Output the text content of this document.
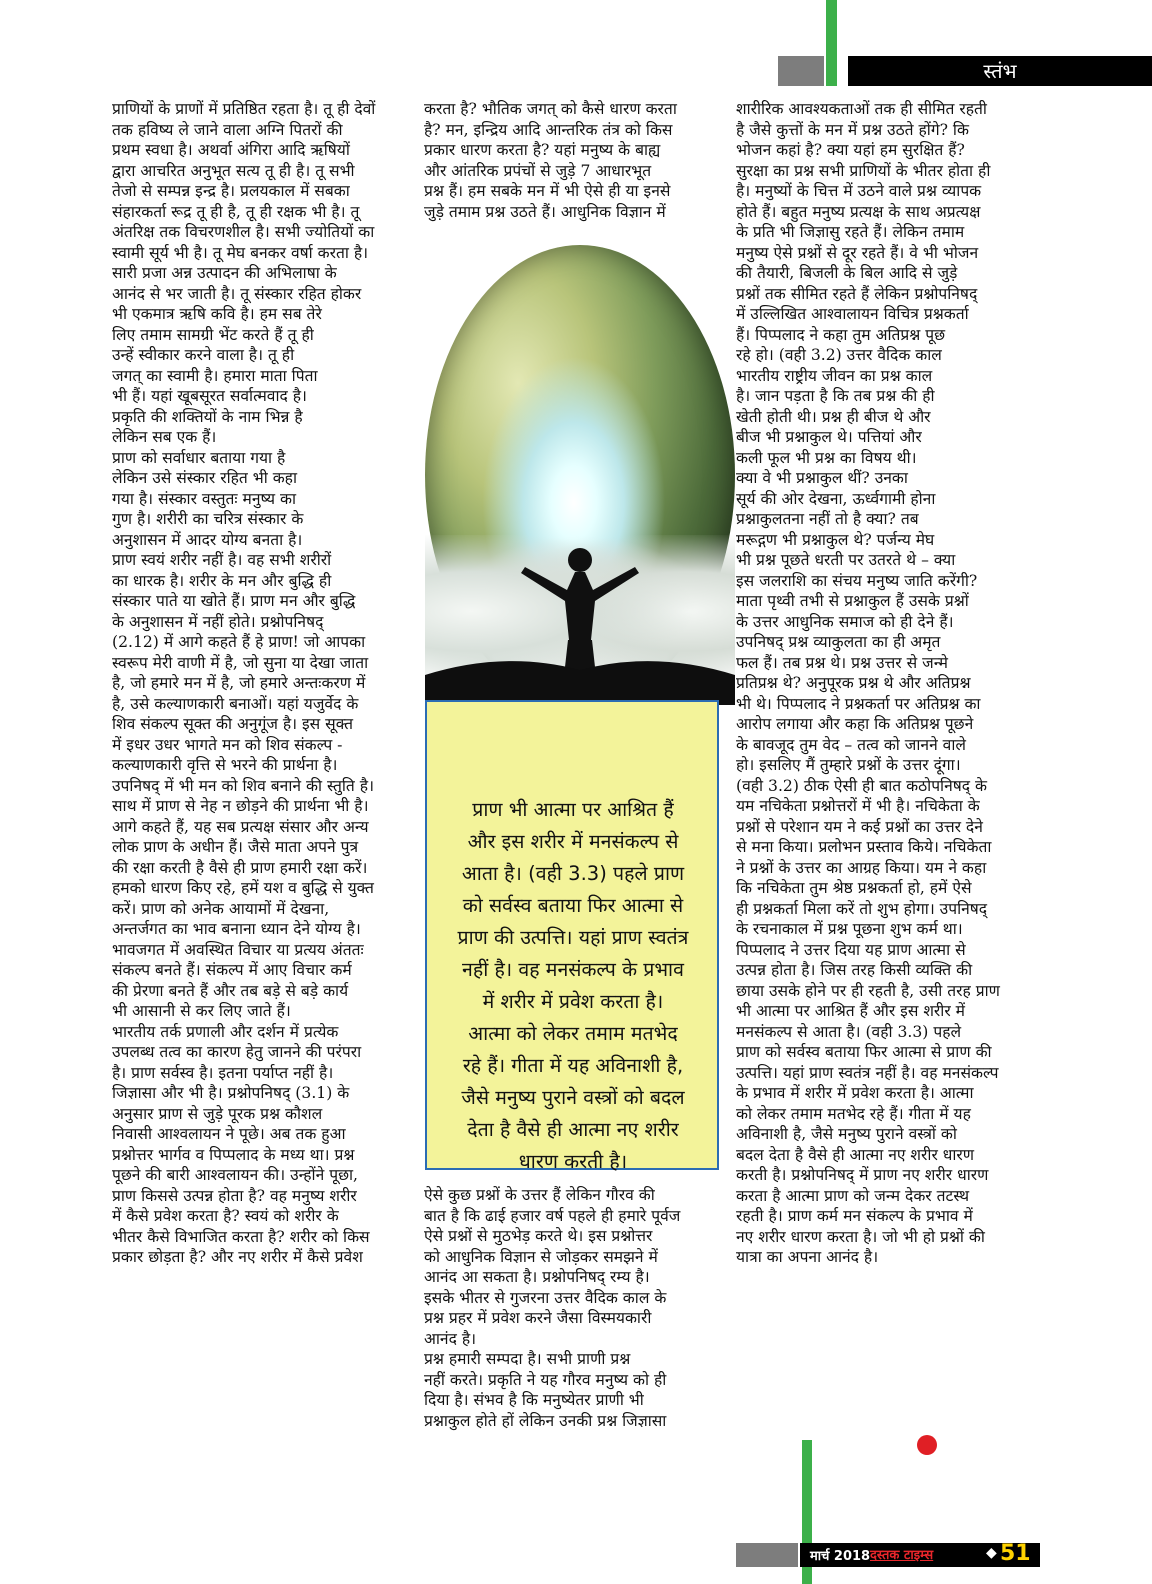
स्तंभ
प्राणियों के प्राणों में प्रतिष्ठित रहता है। तू ही देवों
तक हविष्य ले जाने वाला अग्नि पितरों की
प्रथम स्वधा है। अथर्वा अंगिरा आदि ऋषियों
द्वारा आचरित अनुभूत सत्य तू ही है। तू सभी
तेजो से सम्पन्न इन्द्र है। प्रलयकाल में सबका
संहारकर्ता रूद्र तू ही है, तू ही रक्षक भी है। तू
अंतरिक्ष तक विचरणशील है। सभी ज्योतियों का
स्वामी सूर्य भी है। तू मेघ बनकर वर्षा करता है।
सारी प्रजा अन्न उत्पादन की अभिलाषा के
आनंद से भर जाती है। तू संस्कार रहित होकर
भी एकमात्र ऋषि कवि है। हम सब तेरे
लिए तमाम सामग्री भेंट करते हैं तू ही
उन्हें स्वीकार करने वाला है। तू ही
जगत् का स्वामी है। हमारा माता पिता
भी हैं। यहां खूबसूरत सर्वात्मवाद है।
प्रकृति की शक्तियों के नाम भिन्न है
लेकिन सब एक हैं।
प्राण को सर्वाधार बताया गया है
लेकिन उसे संस्कार रहित भी कहा
गया है। संस्कार वस्तुतः मनुष्य का
गुण है। शरीरी का चरित्र संस्कार के
अनुशासन में आदर योग्य बनता है।
प्राण स्वयं शरीर नहीं है। वह सभी शरीरों
का धारक है। शरीर के मन और बुद्धि ही
संस्कार पाते या खोते हैं। प्राण मन और बुद्धि
के अनुशासन में नहीं होते। प्रश्नोपनिषद्
(2.12) में आगे कहते हैं हे प्राण! जो आपका
स्वरूप मेरी वाणी में है, जो सुना या देखा जाता
है, जो हमारे मन में है, जो हमारे अन्तःकरण में
है, उसे कल्याणकारी बनाओं। यहां यजुर्वेद के
शिव संकल्प सूक्त की अनुगूंज है। इस सूक्त
में इधर उधर भागते मन को शिव संकल्प -
कल्याणकारी वृत्ति से भरने की प्रार्थना है।
उपनिषद् में भी मन को शिव बनाने की स्तुति है।
साथ में प्राण से नेह न छोड़ने की प्रार्थना भी है।
आगे कहते हैं, यह सब प्रत्यक्ष संसार और अन्य
लोक प्राण के अधीन हैं। जैसे माता अपने पुत्र
की रक्षा करती है वैसे ही प्राण हमारी रक्षा करें।
हमको धारण किए रहे, हमें यश व बुद्धि से युक्त
करें। प्राण को अनेक आयामों में देखना,
अन्तर्जगत का भाव बनाना ध्यान देने योग्य है।
भावजगत में अवस्थित विचार या प्रत्यय अंततः
संकल्प बनते हैं। संकल्प में आए विचार कर्म
की प्रेरणा बनते हैं और तब बड़े से बड़े कार्य
भी आसानी से कर लिए जाते हैं।
भारतीय तर्क प्रणाली और दर्शन में प्रत्येक
उपलब्ध तत्व का कारण हेतु जानने की परंपरा
है। प्राण सर्वस्व है। इतना पर्याप्त नहीं है।
जिज्ञासा और भी है। प्रश्नोपनिषद् (3.1) के
अनुसार प्राण से जुड़े पूरक प्रश्न कौशल
निवासी आश्वलायन ने पूछे। अब तक हुआ
प्रश्नोत्तर भार्गव व पिप्पलाद के मध्य था। प्रश्न
पूछने की बारी आश्वलायन की। उन्होंने पूछा,
प्राण किससे उत्पन्न होता है? वह मनुष्य शरीर
में कैसे प्रवेश करता है? स्वयं को शरीर के
भीतर कैसे विभाजित करता है? शरीर को किस
प्रकार छोड़ता है? और नए शरीर में कैसे प्रवेश
करता है? भौतिक जगत् को कैसे धारण करता
है? मन, इन्द्रिय आदि आन्तरिक तंत्र को किस
प्रकार धारण करता है? यहां मनुष्य के बाह्य
और आंतरिक प्रपंचों से जुड़े 7 आधारभूत
प्रश्न हैं। हम सबके मन में भी ऐसे ही या इनसे
जुड़े तमाम प्रश्न उठते हैं। आधुनिक विज्ञान में
ऐसे कुछ प्रश्नों के उत्तर हैं लेकिन गौरव की
बात है कि ढाई हजार वर्ष पहले ही हमारे पूर्वज
ऐसे प्रश्नों से मुठभेड़ करते थे। इस प्रश्नोत्तर
को आधुनिक विज्ञान से जोड़कर समझने में
आनंद आ सकता है। प्रश्नोपनिषद् रम्य है।
इसके भीतर से गुजरना उत्तर वैदिक काल के
प्रश्न प्रहर में प्रवेश करने जैसा विस्मयकारी
आनंद है।
प्रश्न हमारी सम्पदा है। सभी प्राणी प्रश्न
नहीं करते। प्रकृति ने यह गौरव मनुष्य को ही
दिया है। संभव है कि मनुष्येतर प्राणी भी
प्रश्नाकुल होते हों लेकिन उनकी प्रश्न जिज्ञासा
शारीरिक आवश्यकताओं तक ही सीमित रहती
है जैसे कुत्तों के मन में प्रश्न उठते होंगे? कि
भोजन कहां है? क्या यहां हम सुरक्षित हैं?
सुरक्षा का प्रश्न सभी प्राणियों के भीतर होता ही
है। मनुष्यों के चित्त में उठने वाले प्रश्न व्यापक
होते हैं। बहुत मनुष्य प्रत्यक्ष के साथ अप्रत्यक्ष
के प्रति भी जिज्ञासु रहते हैं। लेकिन तमाम
मनुष्य ऐसे प्रश्नों से दूर रहते हैं। वे भी भोजन
की तैयारी, बिजली के बिल आदि से जुड़े
प्रश्नों तक सीमित रहते हैं लेकिन प्रश्नोपनिषद्
में उल्लिखित आश्वालायन विचित्र प्रश्नकर्ता
हैं। पिप्पलाद ने कहा तुम अतिप्रश्न पूछ
रहे हो। (वही 3.2) उत्तर वैदिक काल
भारतीय राष्ट्रीय जीवन का प्रश्न काल
है। जान पड़ता है कि तब प्रश्न की ही
खेती होती थी। प्रश्न ही बीज थे और
बीज भी प्रश्नाकुल थे। पत्तियां और
कली फूल भी प्रश्न का विषय थी।
क्या वे भी प्रश्नाकुल थीं? उनका
सूर्य की ओर देखना, ऊर्ध्वगामी होना
प्रश्नाकुलतना नहीं तो है क्या? तब
मरूद्गण भी प्रश्नाकुल थे? पर्जन्य मेघ
भी प्रश्न पूछते धरती पर उतरते थे – क्या
इस जलराशि का संचय मनुष्य जाति करेंगी?
माता पृथ्वी तभी से प्रश्नाकुल हैं उसके प्रश्नों
के उत्तर आधुनिक समाज को ही देने हैं।
उपनिषद् प्रश्न व्याकुलता का ही अमृत
फल हैं। तब प्रश्न थे। प्रश्न उत्तर से जन्मे
प्रतिप्रश्न थे? अनुपूरक प्रश्न थे और अतिप्रश्न
भी थे। पिप्पलाद ने प्रश्नकर्ता पर अतिप्रश्न का
आरोप लगाया और कहा कि अतिप्रश्न पूछने
के बावजूद तुम वेद – तत्व को जानने वाले
हो। इसलिए मैं तुम्हारे प्रश्नों के उत्तर दूंगा।
(वही 3.2) ठीक ऐसी ही बात कठोपनिषद् के
यम नचिकेता प्रश्नोत्तरों में भी है। नचिकेता के
प्रश्नों से परेशान यम ने कई प्रश्नों का उत्तर देने
से मना किया। प्रलोभन प्रस्ताव किये। नचिकेता
ने प्रश्नों के उत्तर का आग्रह किया। यम ने कहा
कि नचिकेता तुम श्रेष्ठ प्रश्नकर्ता हो, हमें ऐसे
ही प्रश्नकर्ता मिला करें तो शुभ होगा। उपनिषद्
के रचनाकाल में प्रश्न पूछना शुभ कर्म था।
पिप्पलाद ने उत्तर दिया यह प्राण आत्मा से
उत्पन्न होता है। जिस तरह किसी व्यक्ति की
छाया उसके होने पर ही रहती है, उसी तरह प्राण
भी आत्मा पर आश्रित हैं और इस शरीर में
मनसंकल्प से आता है। (वही 3.3) पहले
प्राण को सर्वस्व बताया फिर आत्मा से प्राण की
उत्पत्ति। यहां प्राण स्वतंत्र नहीं है। वह मनसंकल्प
के प्रभाव में शरीर में प्रवेश करता है। आत्मा
को लेकर तमाम मतभेद रहे हैं। गीता में यह
अविनाशी है, जैसे मनुष्य पुराने वस्त्रों को
बदल देता है वैसे ही आत्मा नए शरीर धारण
करती है। प्रश्नोपनिषद् में प्राण नए शरीर धारण
करता है आत्मा प्राण को जन्म देकर तटस्थ
रहती है। प्राण कर्म मन संकल्प के प्रभाव में
नए शरीर धारण करता है। जो भी हो प्रश्नों की
यात्रा का अपना आनंद है।
प्राण भी आत्मा पर आश्रित हैं
और इस शरीर में मनसंकल्प से
आता है। (वही 3.3) पहले प्राण
को सर्वस्व बताया फिर आत्मा से
प्राण की उत्पत्ति। यहां प्राण स्वतंत्र
नहीं है। वह मनसंकल्प के प्रभाव
में शरीर में प्रवेश करता है।
आत्मा को लेकर तमाम मतभेद
रहे हैं। गीता में यह अविनाशी है,
जैसे मनुष्य पुराने वस्त्रों को बदल
देता है वैसे ही आत्मा नए शरीर
धारण करती है।
मार्च 2018 दस्तक टाइम्स	◆ 51
